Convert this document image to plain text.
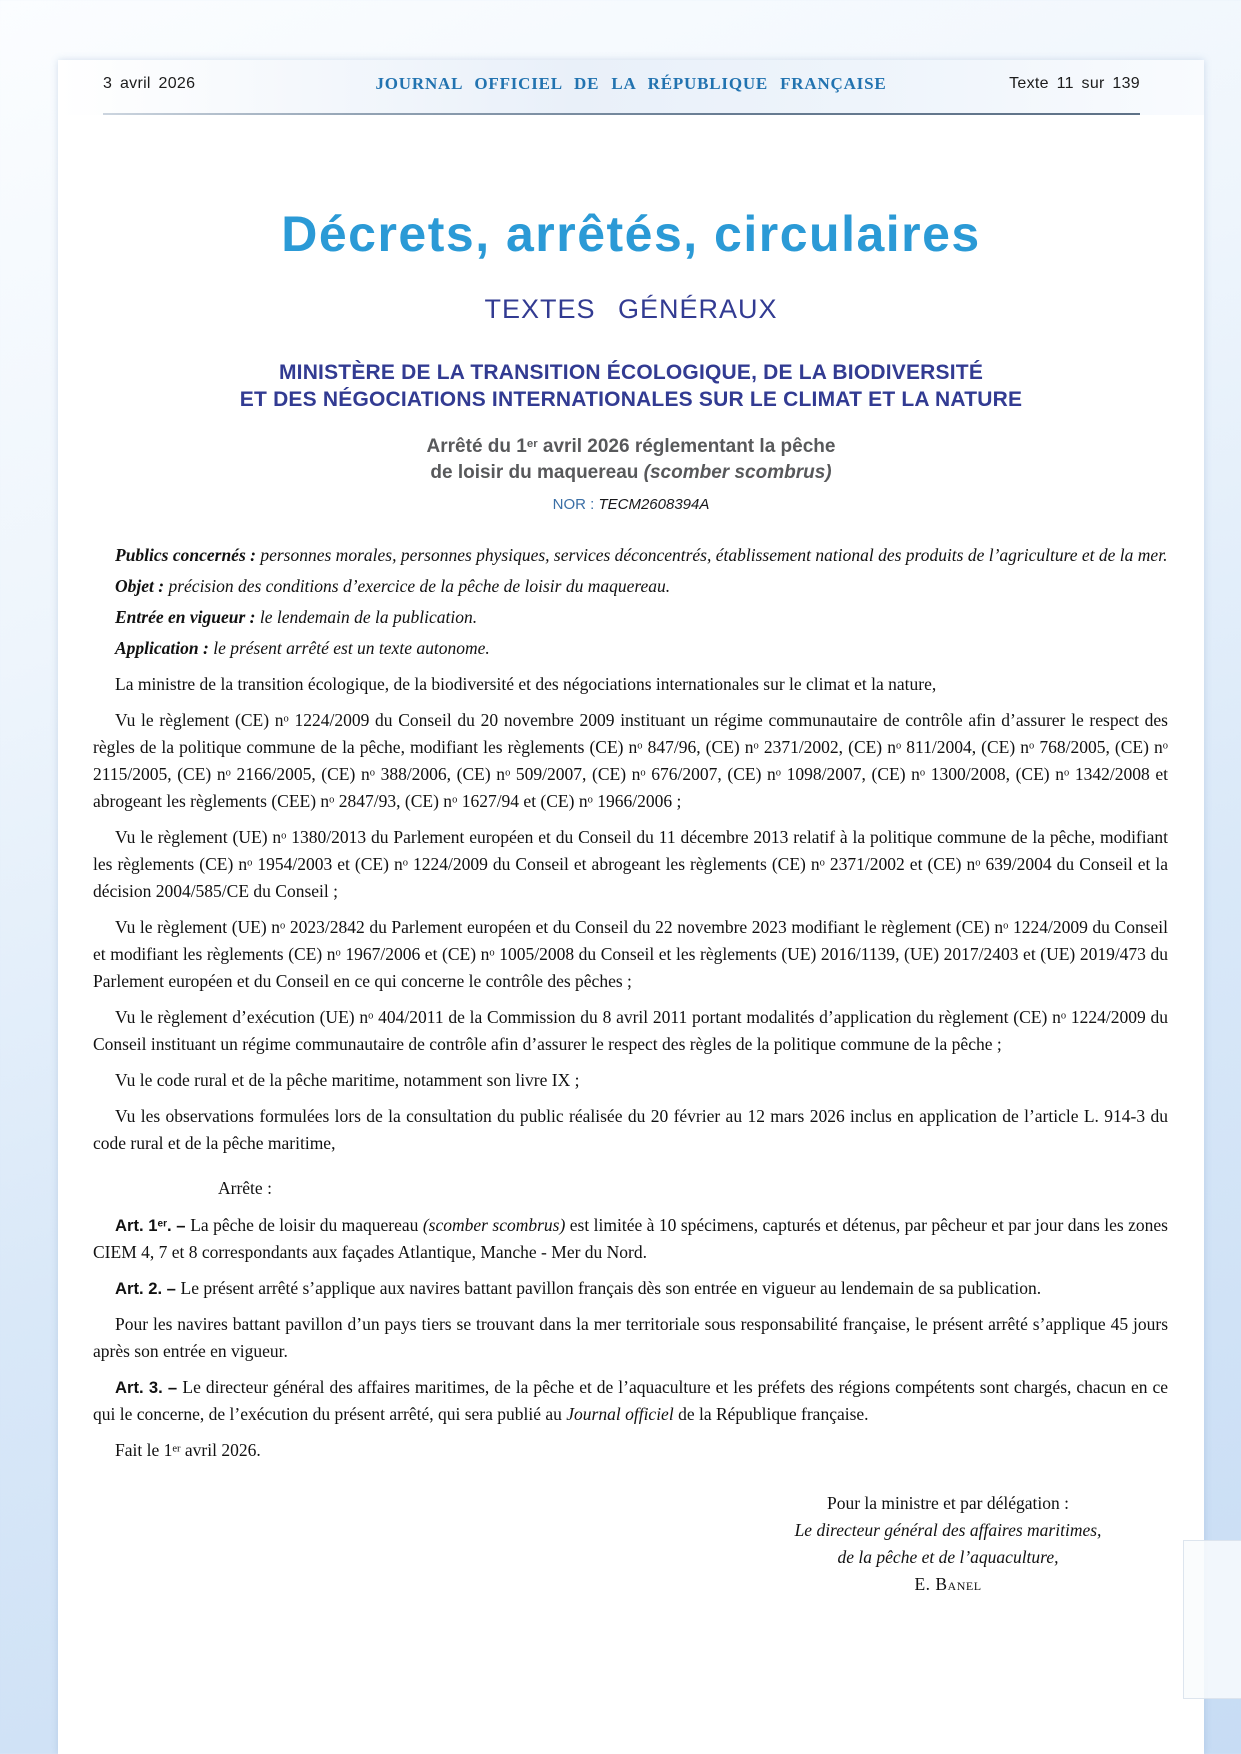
3 avril 2026	Texte 11 sur 139
JOURNAL OFFICIEL DE LA RÉPUBLIQUE FRANÇAISE
Décrets, arrêtés, circulaires
TEXTES GÉNÉRAUX
MINISTÈRE DE LA TRANSITION ÉCOLOGIQUE, DE LA BIODIVERSITÉ
ET DES NÉGOCIATIONS INTERNATIONALES SUR LE CLIMAT ET LA NATURE
Arrêté du 1er avril 2026 réglementant la pêche
de loisir du maquereau (scomber scombrus)
NOR : TECM2608394A

Publics concernés : personnes morales, personnes physiques, services déconcentrés, établissement national des produits de l’agriculture et de la mer.

Objet : précision des conditions d’exercice de la pêche de loisir du maquereau.

Entrée en vigueur : le lendemain de la publication.

Application : le présent arrêté est un texte autonome.

La ministre de la transition écologique, de la biodiversité et des négociations internationales sur le climat et la nature,

Vu le règlement (CE) $n^o$ 1224/2009 du Conseil du 20 novembre 2009 instituant un régime communautaire de contrôle afin d’assurer le respect des règles de la politique commune de la pêche, modifiant les règlements (CE) $n^o$ 847/96, (CE) $n^o$ 2371/2002, (CE) $n^o$ 811/2004, (CE) $n^o$ 768/2005, (CE) $n^o$ 2115/2005, (CE) $n^o$ 2166/2005, (CE) $n^o$ 388/2006, (CE) $n^o$ 509/2007, (CE) $n^o$ 676/2007, (CE) $n^o$ 1098/2007, (CE) $n^o$ 1300/2008, (CE) $n^o$ 1342/2008 et abrogeant les règlements (CEE) $n^o$ 2847/93, (CE) $n^o$ 1627/94 et (CE) $n^o$ 1966/2006 ;

Vu le règlement (UE) $n^o$ 1380/2013 du Parlement européen et du Conseil du 11 décembre 2013 relatif à la politique commune de la pêche, modifiant les règlements (CE) $n^o$ 1954/2003 et (CE) $n^o$ 1224/2009 du Conseil et abrogeant les règlements (CE) $n^o$ 2371/2002 et (CE) $n^o$ 639/2004 du Conseil et la décision 2004/585/CE du Conseil ;

Vu le règlement (UE) $n^o$ 2023/2842 du Parlement européen et du Conseil du 22 novembre 2023 modifiant le règlement (CE) $n^o$ 1224/2009 du Conseil et modifiant les règlements (CE) $n^o$ 1967/2006 et (CE) $n^o$ 1005/2008 du Conseil et les règlements (UE) 2016/1139, (UE) 2017/2403 et (UE) 2019/473 du Parlement européen et du Conseil en ce qui concerne le contrôle des pêches ;

Vu le règlement d’exécution (UE) $n^o$ 404/2011 de la Commission du 8 avril 2011 portant modalités d’application du règlement (CE) $n^o$ 1224/2009 du Conseil instituant un régime communautaire de contrôle afin d’assurer le respect des règles de la politique commune de la pêche ;

Vu le code rural et de la pêche maritime, notamment son livre IX ;

Vu les observations formulées lors de la consultation du public réalisée du 20 février au 12 mars 2026 inclus en application de l’article L. 914-3 du code rural et de la pêche maritime,

Arrête :

Art. 1er. – La pêche de loisir du maquereau (scomber scombrus) est limitée à 10 spécimens, capturés et détenus, par pêcheur et par jour dans les zones CIEM 4, 7 et 8 correspondants aux façades Atlantique, Manche - Mer du Nord.

Art. 2. – Le présent arrêté s’applique aux navires battant pavillon français dès son entrée en vigueur au lendemain de sa publication.

Pour les navires battant pavillon d’un pays tiers se trouvant dans la mer territoriale sous responsabilité française, le présent arrêté s’applique 45 jours après son entrée en vigueur.

Art. 3. – Le directeur général des affaires maritimes, de la pêche et de l’aquaculture et les préfets des régions compétents sont chargés, chacun en ce qui le concerne, de l’exécution du présent arrêté, qui sera publié au Journal officiel de la République française.

Fait le 1er avril 2026.

Pour la ministre et par délégation :
Le directeur général des affaires maritimes,
de la pêche et de l’aquaculture,
E. Banel
